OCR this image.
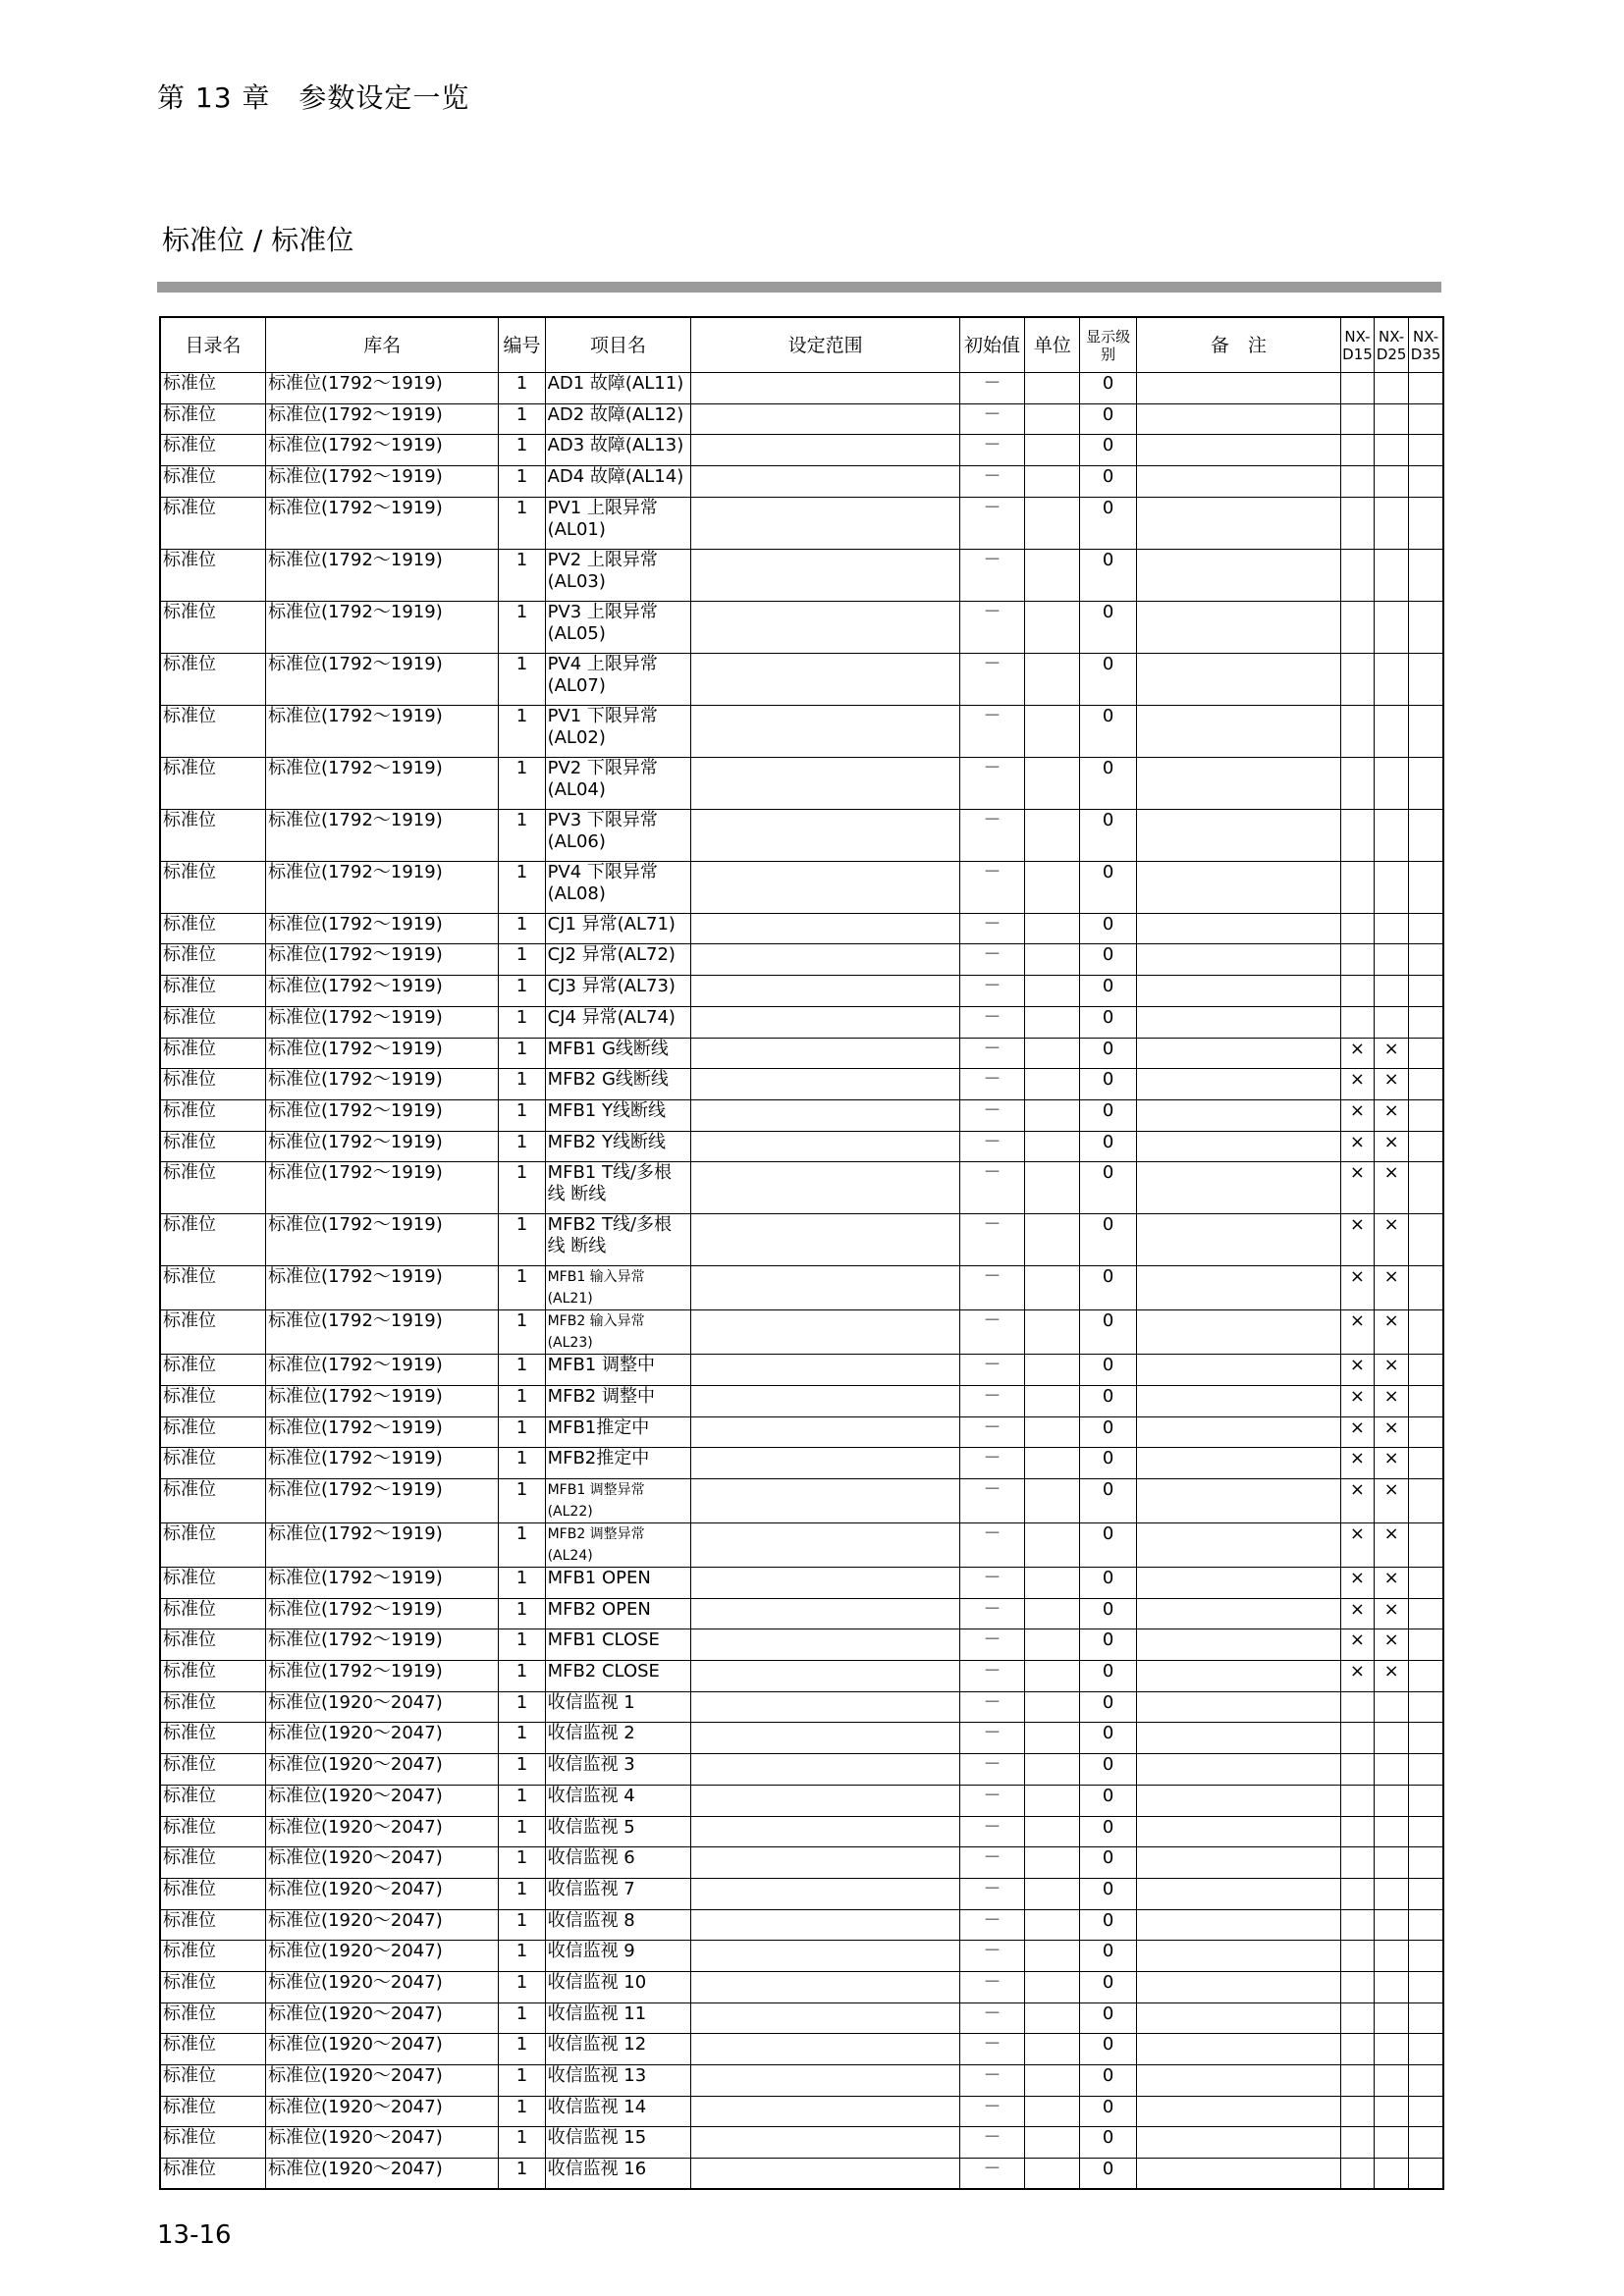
第 13 章　参数设定一览
标准位 / 标准位
目录名	库名	编号	项目名	设定范围	初始值	单位	显示级别	备　注	NX-D15	NX-D25	NX-D35
标准位	标准位(1792～1919)	1	AD1 故障(AL11)		－		0				
标准位	标准位(1792～1919)	1	AD2 故障(AL12)		－		0				
标准位	标准位(1792～1919)	1	AD3 故障(AL13)		－		0				
标准位	标准位(1792～1919)	1	AD4 故障(AL14)		－		0				
标准位	标准位(1792～1919)	1	PV1 上限异常 (AL01)		－		0				
标准位	标准位(1792～1919)	1	PV2 上限异常 (AL03)		－		0				
标准位	标准位(1792～1919)	1	PV3 上限异常 (AL05)		－		0				
标准位	标准位(1792～1919)	1	PV4 上限异常 (AL07)		－		0				
标准位	标准位(1792～1919)	1	PV1 下限异常 (AL02)		－		0				
标准位	标准位(1792～1919)	1	PV2 下限异常 (AL04)		－		0				
标准位	标准位(1792～1919)	1	PV3 下限异常 (AL06)		－		0				
标准位	标准位(1792～1919)	1	PV4 下限异常 (AL08)		－		0				
标准位	标准位(1792～1919)	1	CJ1 异常(AL71)		－		0				
标准位	标准位(1792～1919)	1	CJ2 异常(AL72)		－		0				
标准位	标准位(1792～1919)	1	CJ3 异常(AL73)		－		0				
标准位	标准位(1792～1919)	1	CJ4 异常(AL74)		－		0				
标准位	标准位(1792～1919)	1	MFB1 G线断线		－		0		×	×	
标准位	标准位(1792～1919)	1	MFB2 G线断线		－		0		×	×	
标准位	标准位(1792～1919)	1	MFB1 Y线断线		－		0		×	×	
标准位	标准位(1792～1919)	1	MFB2 Y线断线		－		0		×	×	
标准位	标准位(1792～1919)	1	MFB1 T线/多根线 断线		－		0		×	×	
标准位	标准位(1792～1919)	1	MFB2 T线/多根线 断线		－		0		×	×	
标准位	标准位(1792～1919)	1	MFB1 输入异常(AL21)		－		0		×	×	
标准位	标准位(1792～1919)	1	MFB2 输入异常(AL23)		－		0		×	×	
标准位	标准位(1792～1919)	1	MFB1 调整中		－		0		×	×	
标准位	标准位(1792～1919)	1	MFB2 调整中		－		0		×	×	
标准位	标准位(1792～1919)	1	MFB1推定中		－		0		×	×	
标准位	标准位(1792～1919)	1	MFB2推定中		－		0		×	×	
标准位	标准位(1792～1919)	1	MFB1 调整异常(AL22)		－		0		×	×	
标准位	标准位(1792～1919)	1	MFB2 调整异常(AL24)		－		0		×	×	
标准位	标准位(1792～1919)	1	MFB1 OPEN		－		0		×	×	
标准位	标准位(1792～1919)	1	MFB2 OPEN		－		0		×	×	
标准位	标准位(1792～1919)	1	MFB1 CLOSE		－		0		×	×	
标准位	标准位(1792～1919)	1	MFB2 CLOSE		－		0		×	×	
标准位	标准位(1920～2047)	1	收信监视 1		－		0				
标准位	标准位(1920～2047)	1	收信监视 2		－		0				
标准位	标准位(1920～2047)	1	收信监视 3		－		0				
标准位	标准位(1920～2047)	1	收信监视 4		－		0				
标准位	标准位(1920～2047)	1	收信监视 5		－		0				
标准位	标准位(1920～2047)	1	收信监视 6		－		0				
标准位	标准位(1920～2047)	1	收信监视 7		－		0				
标准位	标准位(1920～2047)	1	收信监视 8		－		0				
标准位	标准位(1920～2047)	1	收信监视 9		－		0				
标准位	标准位(1920～2047)	1	收信监视 10		－		0				
标准位	标准位(1920～2047)	1	收信监视 11		－		0				
标准位	标准位(1920～2047)	1	收信监视 12		－		0				
标准位	标准位(1920～2047)	1	收信监视 13		－		0				
标准位	标准位(1920～2047)	1	收信监视 14		－		0				
标准位	标准位(1920～2047)	1	收信监视 15		－		0				
标准位	标准位(1920～2047)	1	收信监视 16		－		0				
13-16
